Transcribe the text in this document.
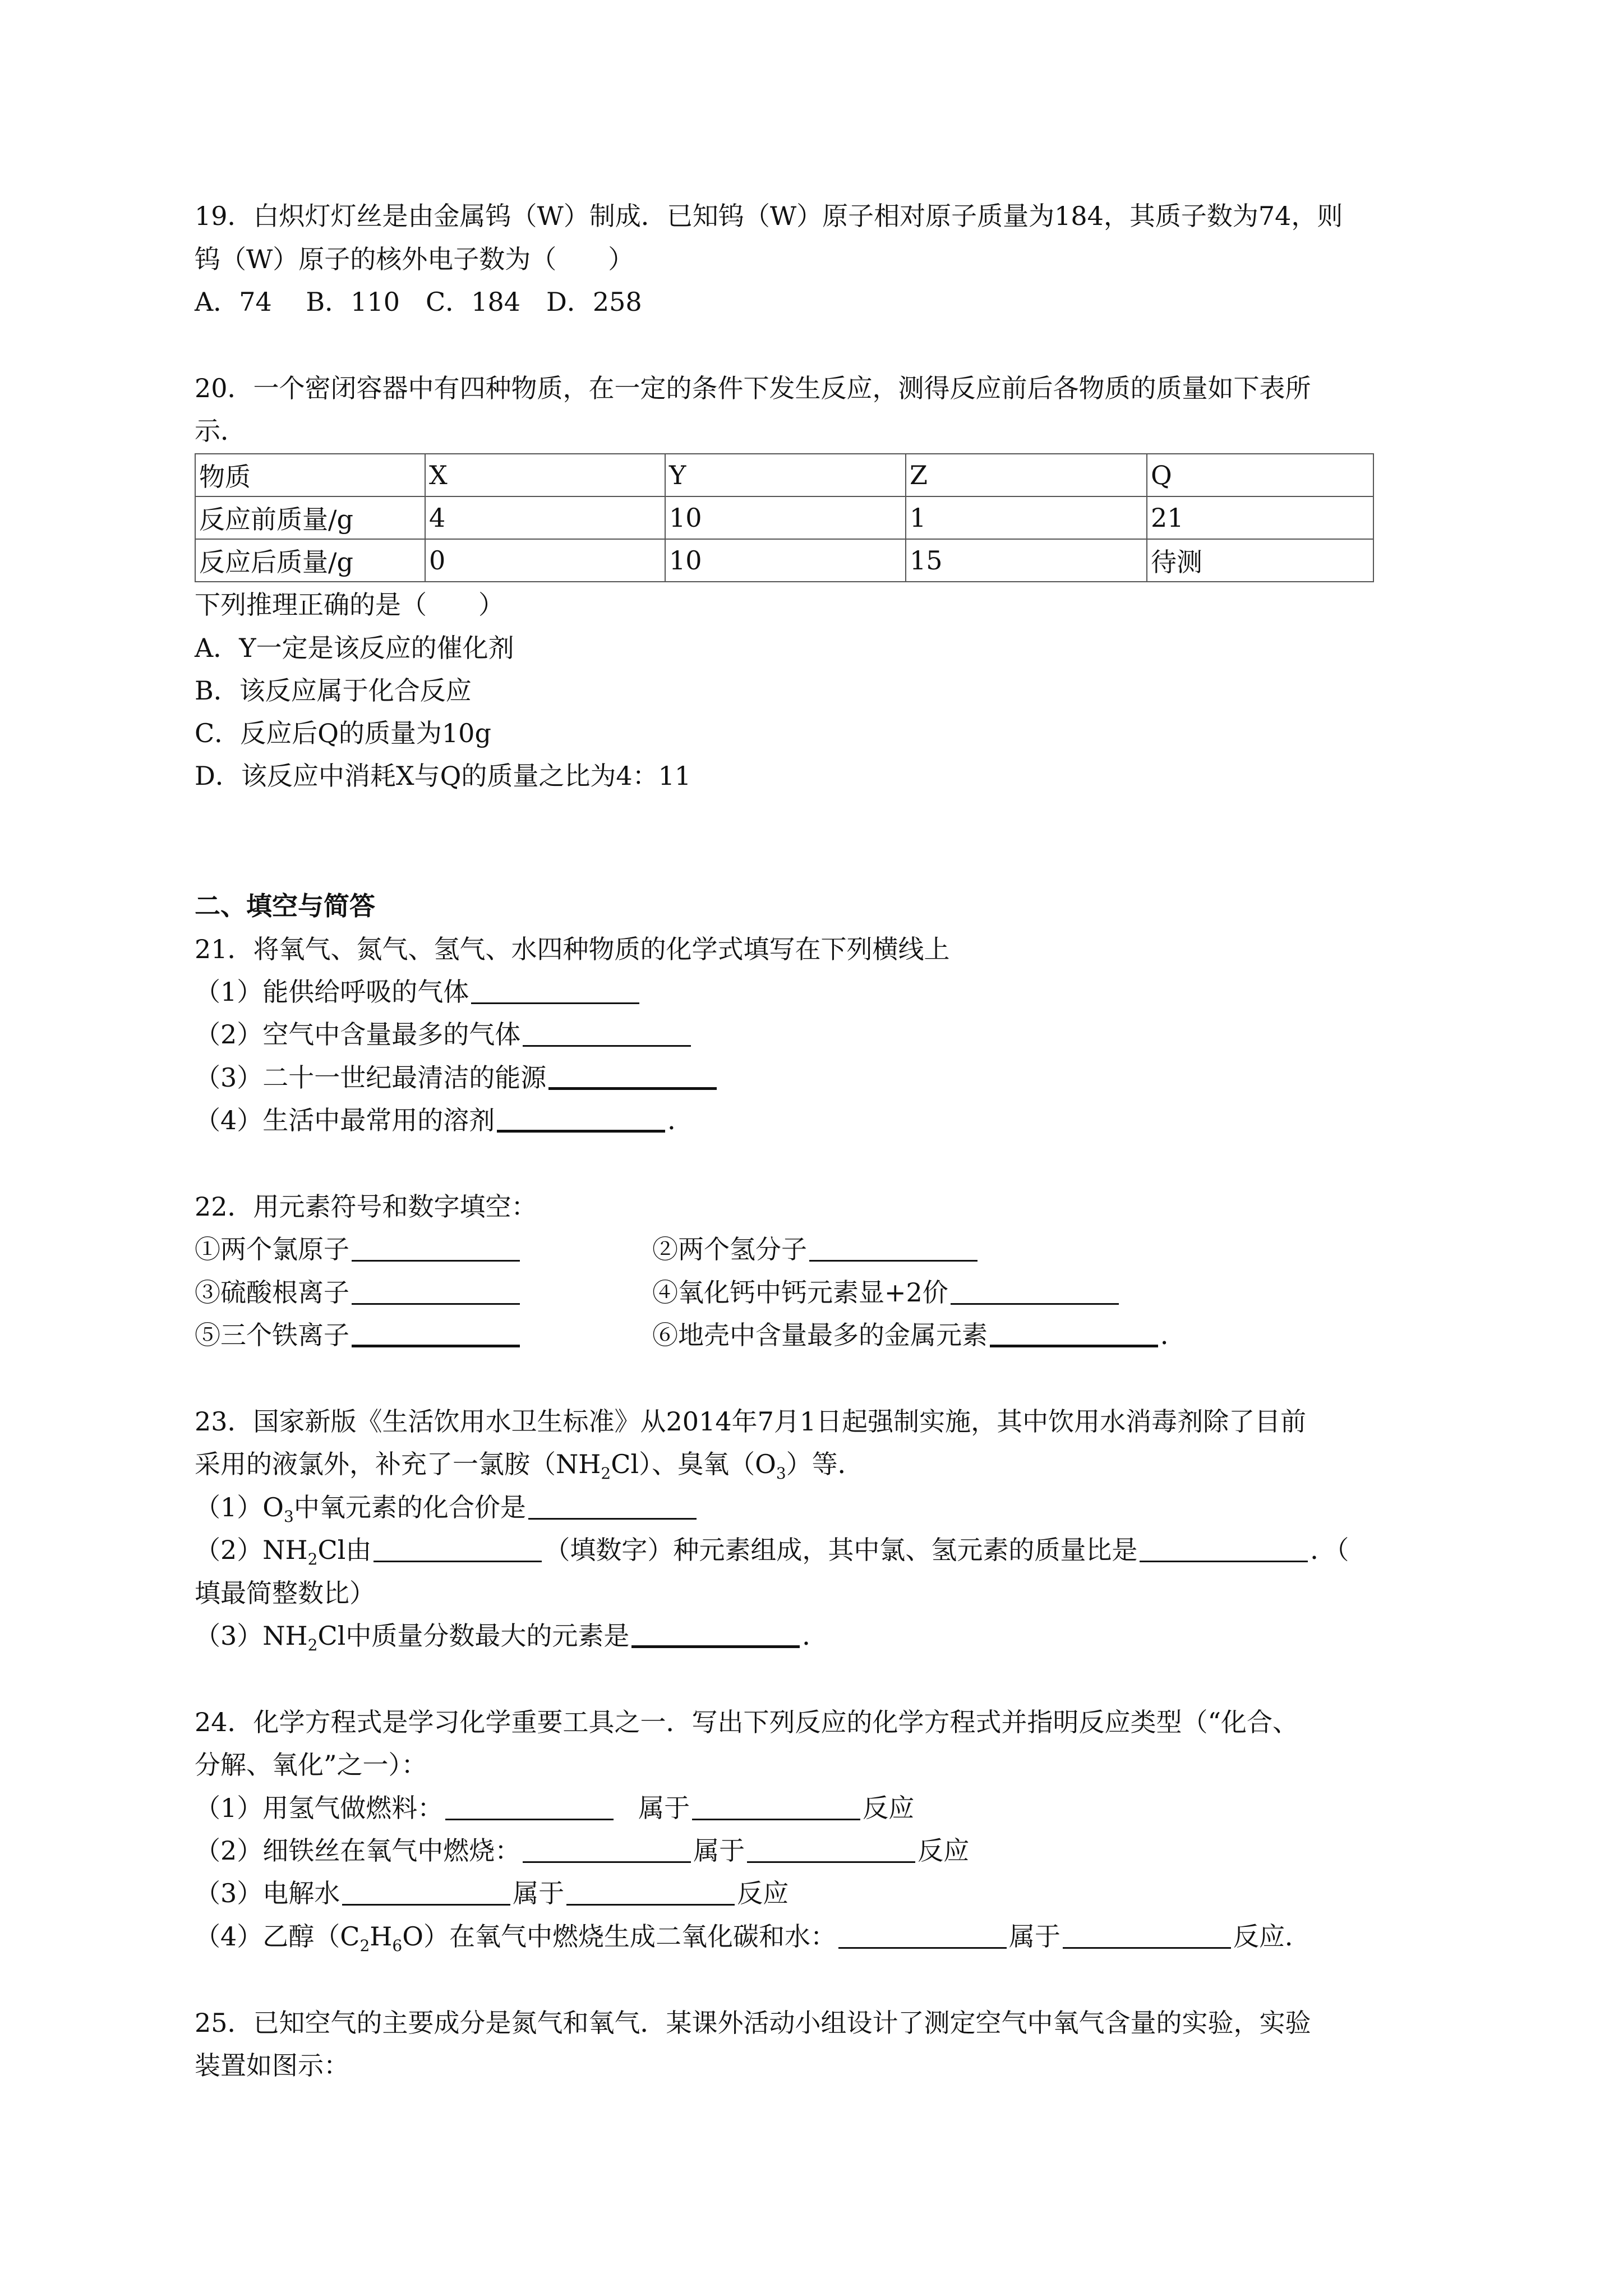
19．白炽灯灯丝是由金属钨（W）制成．已知钨（W）原子相对原子质量为184，其质子数为74，则
钨（W）原子的核外电子数为（　　）
A．74　 B．110　C．184　D．258
20．一个密闭容器中有四种物质，在一定的条件下发生反应，测得反应前后各物质的质量如下表所
示．
物质	X	Y	Z	Q
反应前质量/g	4	10	1	21
反应后质量/g	0	10	15	待测
下列推理正确的是（　　）
A．Y一定是该反应的催化剂
B．该反应属于化合反应
C．反应后Q的质量为10g
D．该反应中消耗X与Q的质量之比为4：11
二、填空与简答
21．将氧气、氮气、氢气、水四种物质的化学式填写在下列横线上
（1）能供给呼吸的气体
（2）空气中含量最多的气体
（3）二十一世纪最清洁的能源
（4）生活中最常用的溶剂	．
22．用元素符号和数字填空：
①两个氯原子	②两个氢分子
③硫酸根离子	④氧化钙中钙元素显+2价
⑤三个铁离子	⑥地壳中含量最多的金属元素	．
23．国家新版《生活饮用水卫生标准》从2014年7月1日起强制实施，其中饮用水消毒剂除了目前
采用的液氯外，补充了一氯胺$(NH_2Cl)$、臭氧$(O_3)$等．
$(1)O_3$中氧元素的化合价是
$(2)NH_2Cl$由	（填数字）种元素组成，其中氯、氢元素的质量比是	．（
填最简整数比）
$(3)NH_2Cl$中质量分数最大的元素是	．
24．化学方程式是学习化学重要工具之一．写出下列反应的化学方程式并指明反应类型（“化合、
分解、氧化”之一）：
（1）用氢气做燃料：	属于	反应
（2）细铁丝在氧气中燃烧：	属于	反应
（3）电解水	属于	反应
（4）乙醇$(C_2H_6O)$在氧气中燃烧生成二氧化碳和水：	属于	反应．
25．已知空气的主要成分是氮气和氧气．某课外活动小组设计了测定空气中氧气含量的实验，实验
装置如图示：
